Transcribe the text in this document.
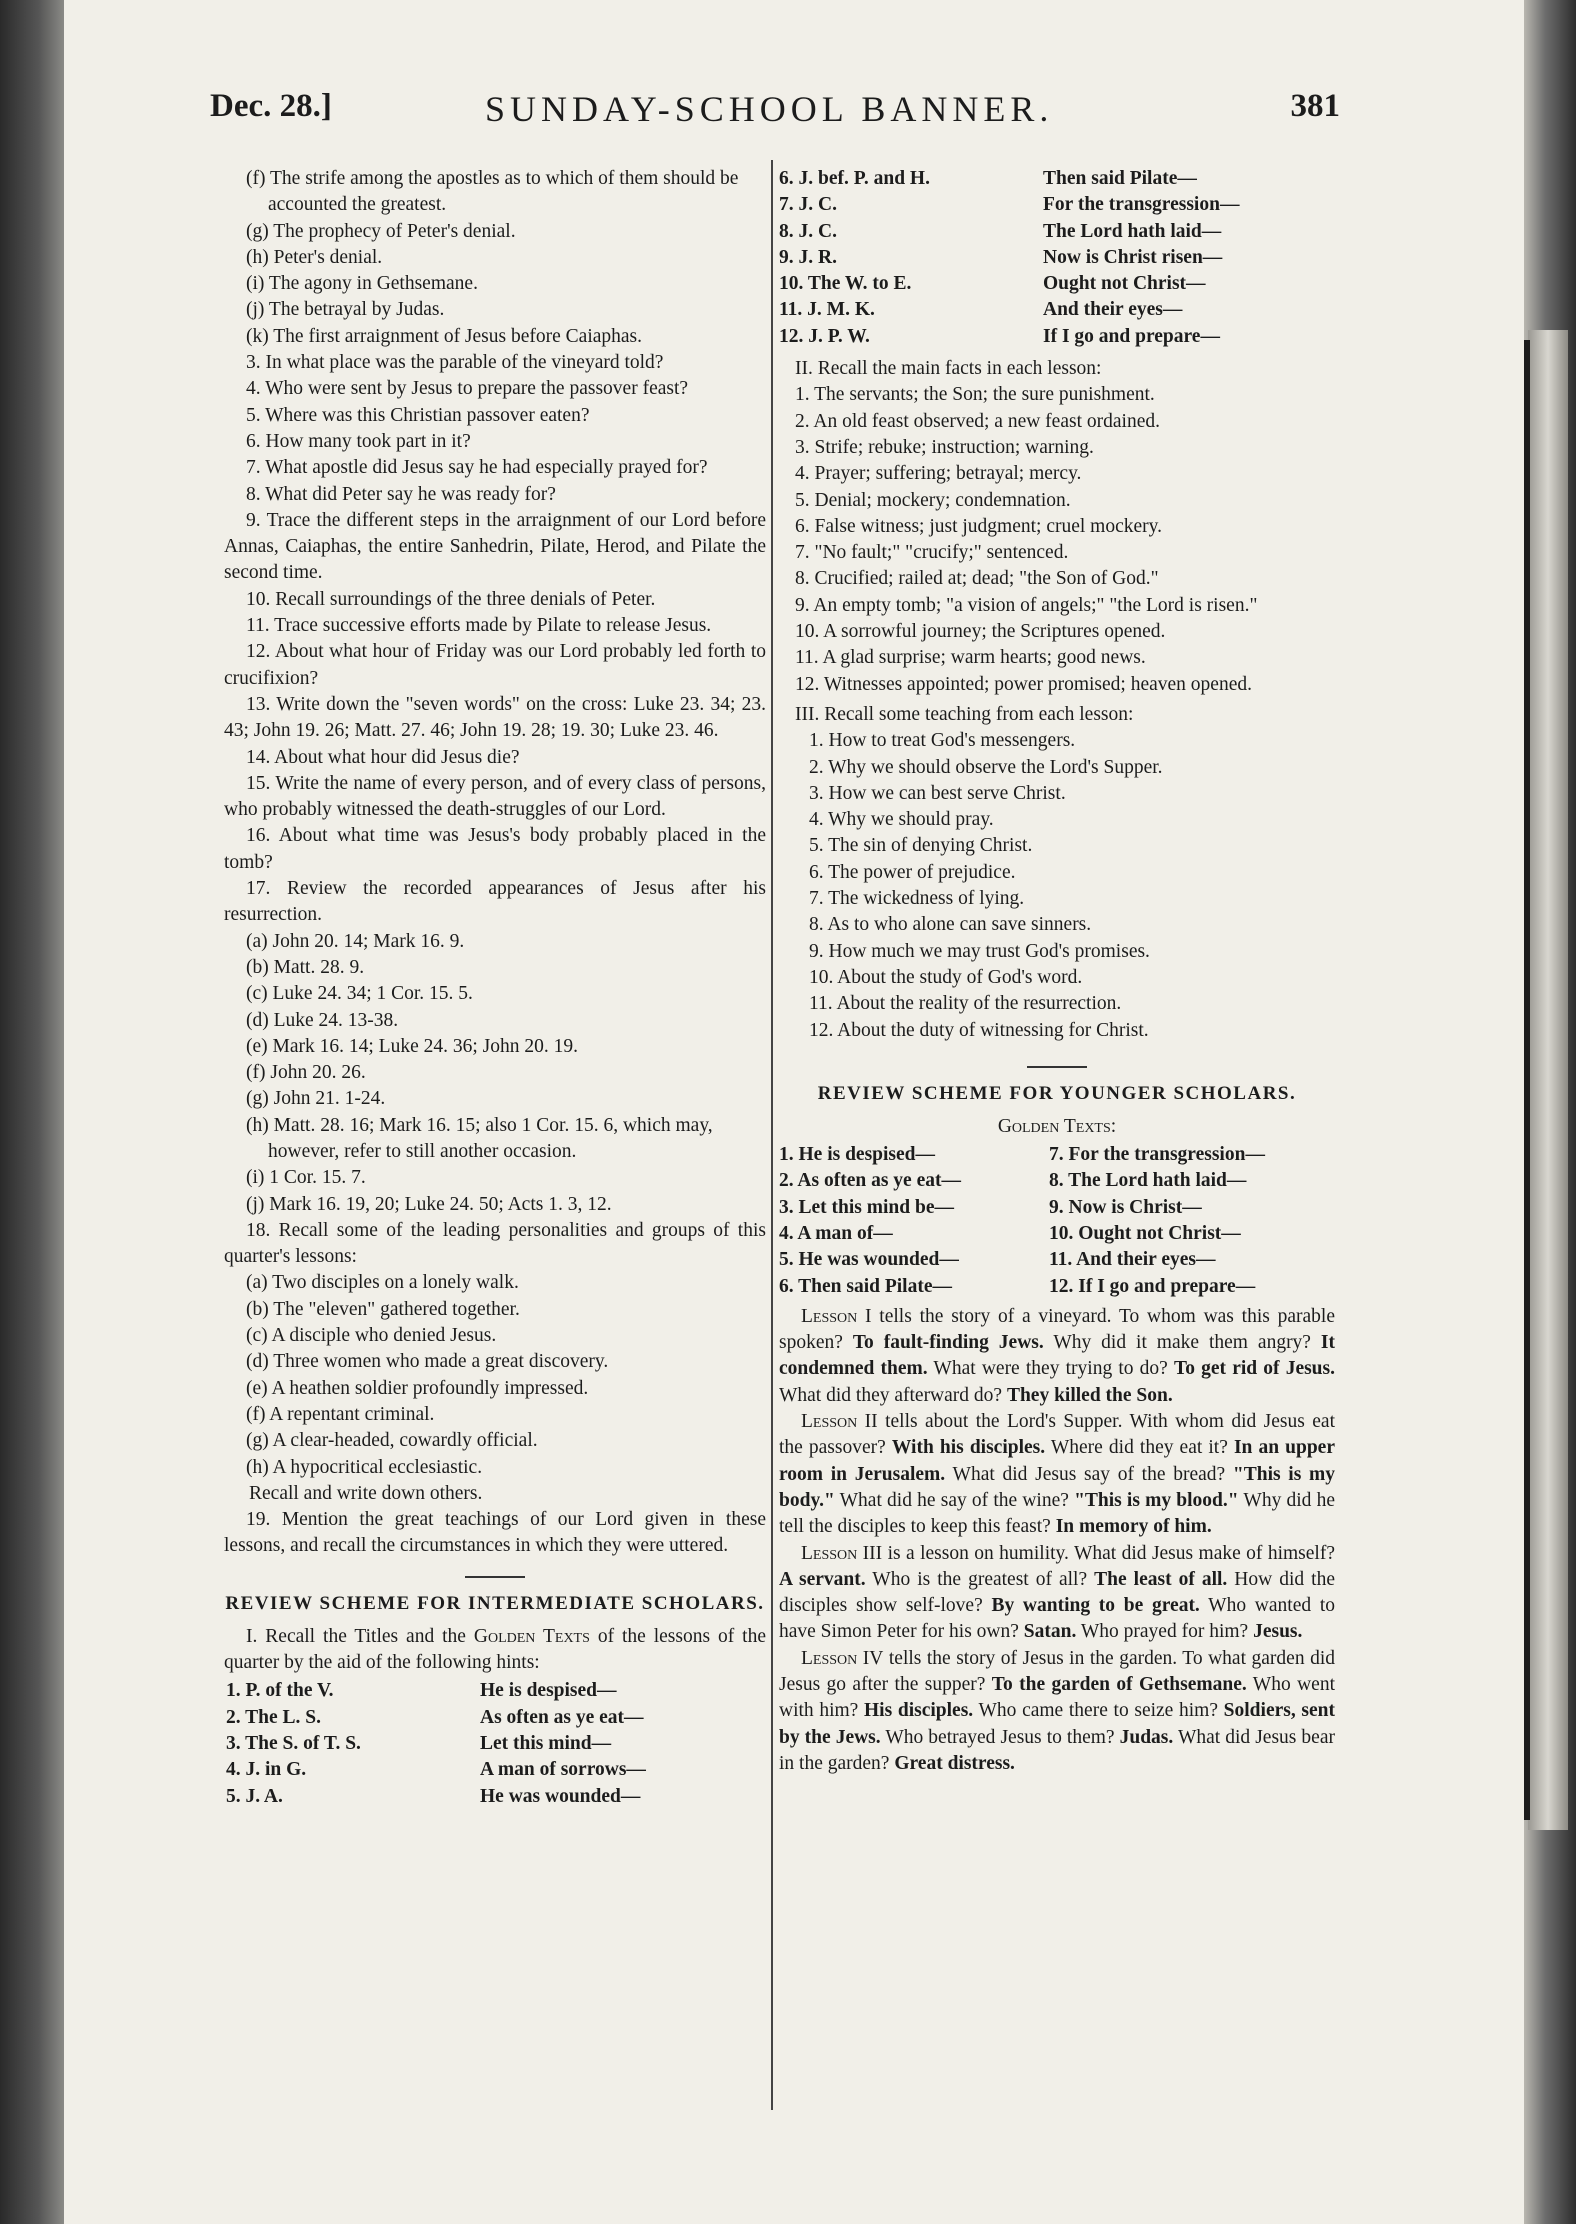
Dec. 28.]	SUNDAY-SCHOOL BANNER.	381

(f) The strife among the apostles as to which of them should be accounted the greatest.

(g) The prophecy of Peter's denial.

(h) Peter's denial.

(i) The agony in Gethsemane.

(j) The betrayal by Judas.

(k) The first arraignment of Jesus before Caiaphas.

3. In what place was the parable of the vineyard told?

4. Who were sent by Jesus to prepare the passover feast?

5. Where was this Christian passover eaten?

6. How many took part in it?

7. What apostle did Jesus say he had especially prayed for?

8. What did Peter say he was ready for?

9. Trace the different steps in the arraignment of our Lord before Annas, Caiaphas, the entire Sanhedrin, Pilate, Herod, and Pilate the second time.

10. Recall surroundings of the three denials of Peter.

11. Trace successive efforts made by Pilate to release Jesus.

12. About what hour of Friday was our Lord probably led forth to crucifixion?

13. Write down the "seven words" on the cross: Luke 23. 34; 23. 43; John 19. 26; Matt. 27. 46; John 19. 28; 19. 30; Luke 23. 46.

14. About what hour did Jesus die?

15. Write the name of every person, and of every class of persons, who probably witnessed the death-struggles of our Lord.

16. About what time was Jesus's body probably placed in the tomb?

17. Review the recorded appearances of Jesus after his resurrection.

(a) John 20. 14; Mark 16. 9.

(b) Matt. 28. 9.

(c) Luke 24. 34; 1 Cor. 15. 5.

(d) Luke 24. 13-38.

(e) Mark 16. 14; Luke 24. 36; John 20. 19.

(f) John 20. 26.

(g) John 21. 1-24.

(h) Matt. 28. 16; Mark 16. 15; also 1 Cor. 15. 6, which may, however, refer to still another occasion.

(i) 1 Cor. 15. 7.

(j) Mark 16. 19, 20; Luke 24. 50; Acts 1. 3, 12.

18. Recall some of the leading personalities and groups of this quarter's lessons:

(a) Two disciples on a lonely walk.

(b) The "eleven" gathered together.

(c) A disciple who denied Jesus.

(d) Three women who made a great discovery.

(e) A heathen soldier profoundly impressed.

(f) A repentant criminal.

(g) A clear-headed, cowardly official.

(h) A hypocritical ecclesiastic.

Recall and write down others.

19. Mention the great teachings of our Lord given in these lessons, and recall the circumstances in which they were uttered.

REVIEW SCHEME FOR INTERMEDIATE SCHOLARS.

I. Recall the Titles and the Golden Texts of the lessons of the quarter by the aid of the following hints:

1. P. of the V.	He is despised—
2. The L. S.	As often as ye eat—
3. The S. of T. S.	Let this mind—
4. J. in G.	A man of sorrows—
5. J. A.	He was wounded—
6. J. bef. P. and H.	Then said Pilate—
7. J. C.	For the transgression—
8. J. C.	The Lord hath laid—
9. J. R.	Now is Christ risen—
10. The W. to E.	Ought not Christ—
11. J. M. K.	And their eyes—
12. J. P. W.	If I go and prepare—

II. Recall the main facts in each lesson:

1. The servants; the Son; the sure punishment.

2. An old feast observed; a new feast ordained.

3. Strife; rebuke; instruction; warning.

4. Prayer; suffering; betrayal; mercy.

5. Denial; mockery; condemnation.

6. False witness; just judgment; cruel mockery.

7. "No fault;" "crucify;" sentenced.

8. Crucified; railed at; dead; "the Son of God."

9. An empty tomb; "a vision of angels;" "the Lord is risen."

10. A sorrowful journey; the Scriptures opened.

11. A glad surprise; warm hearts; good news.

12. Witnesses appointed; power promised; heaven opened.

III. Recall some teaching from each lesson:

1. How to treat God's messengers.

2. Why we should observe the Lord's Supper.

3. How we can best serve Christ.

4. Why we should pray.

5. The sin of denying Christ.

6. The power of prejudice.

7. The wickedness of lying.

8. As to who alone can save sinners.

9. How much we may trust God's promises.

10. About the study of God's word.

11. About the reality of the resurrection.

12. About the duty of witnessing for Christ.

REVIEW SCHEME FOR YOUNGER SCHOLARS.

Golden Texts:

1. He is despised—	7. For the transgression—
2. As often as ye eat—	8. The Lord hath laid—
3. Let this mind be—	9. Now is Christ—
4. A man of—	10. Ought not Christ—
5. He was wounded—	11. And their eyes—
6. Then said Pilate—	12. If I go and prepare—

Lesson I tells the story of a vineyard. To whom was this parable spoken? To fault-finding Jews. Why did it make them angry? It condemned them. What were they trying to do? To get rid of Jesus. What did they afterward do? They killed the Son.

Lesson II tells about the Lord's Supper. With whom did Jesus eat the passover? With his disciples. Where did they eat it? In an upper room in Jerusalem. What did Jesus say of the bread? "This is my body." What did he say of the wine? "This is my blood." Why did he tell the disciples to keep this feast? In memory of him.

Lesson III is a lesson on humility. What did Jesus make of himself? A servant. Who is the greatest of all? The least of all. How did the disciples show self-love? By wanting to be great. Who wanted to have Simon Peter for his own? Satan. Who prayed for him? Jesus.

Lesson IV tells the story of Jesus in the garden. To what garden did Jesus go after the supper? To the garden of Gethsemane. Who went with him? His disciples. Who came there to seize him? Soldiers, sent by the Jews. Who betrayed Jesus to them? Judas. What did Jesus bear in the garden? Great distress.
